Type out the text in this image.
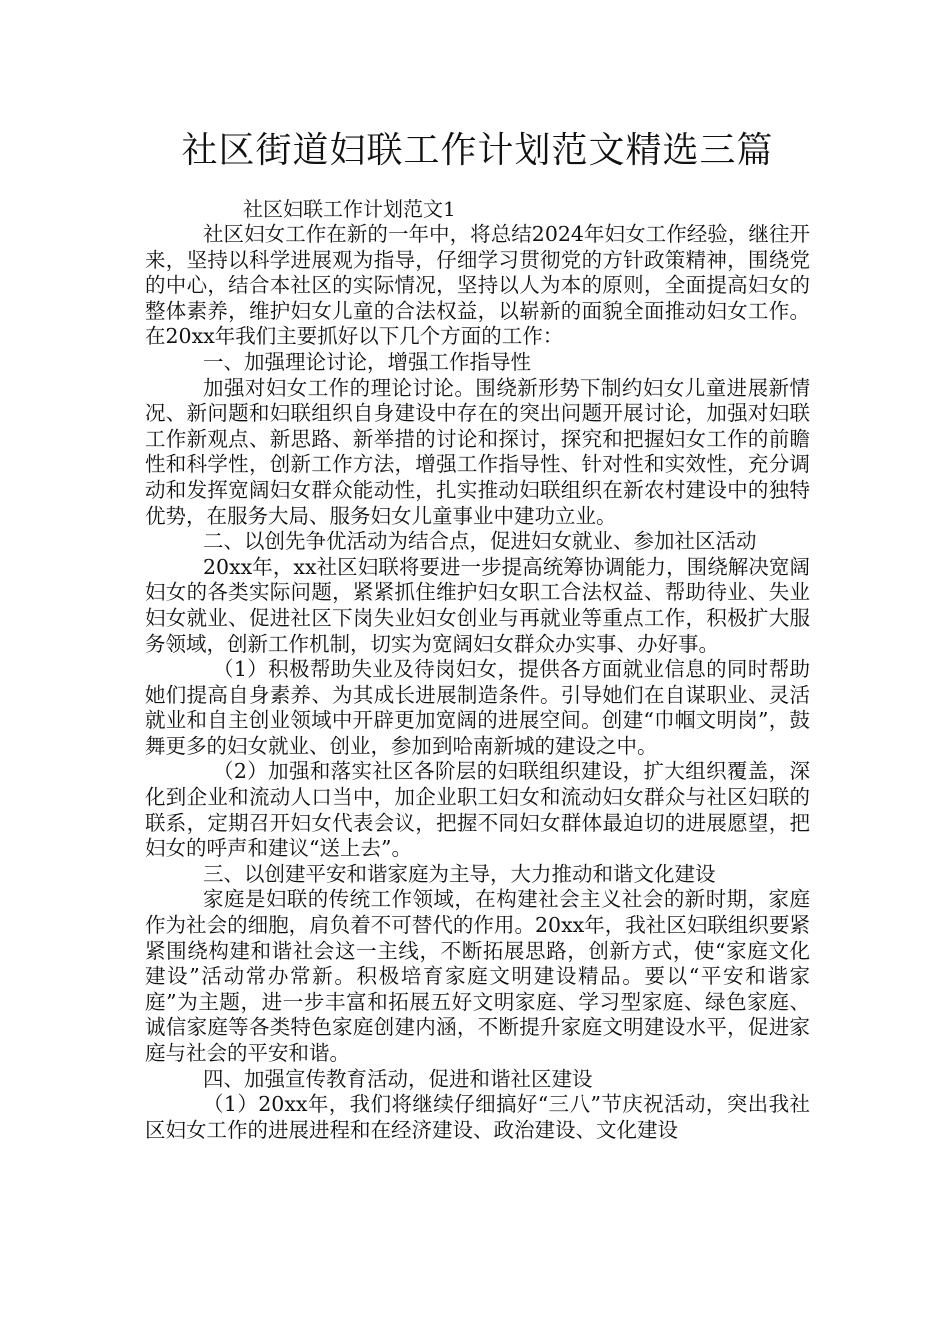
社区街道妇联工作计划范文精选三篇

社区妇联工作计划范文1

社区妇女工作在新的一年中，将总结2024年妇女工作经验，继往开来，坚持以科学进展观为指导，仔细学习贯彻党的方针政策精神，围绕党的中心，结合本社区的实际情况，坚持以人为本的原则，全面提高妇女的整体素养，维护妇女儿童的合法权益，以崭新的面貌全面推动妇女工作。在20xx年我们主要抓好以下几个方面的工作：

一、加强理论讨论，增强工作指导性

加强对妇女工作的理论讨论。围绕新形势下制约妇女儿童进展新情况、新问题和妇联组织自身建设中存在的突出问题开展讨论，加强对妇联工作新观点、新思路、新举措的讨论和探讨，探究和把握妇女工作的前瞻性和科学性，创新工作方法，增强工作指导性、针对性和实效性，充分调动和发挥宽阔妇女群众能动性，扎实推动妇联组织在新农村建设中的独特优势，在服务大局、服务妇女儿童事业中建功立业。

二、以创先争优活动为结合点，促进妇女就业、参加社区活动

20xx年，xx社区妇联将要进一步提高统筹协调能力，围绕解决宽阔妇女的各类实际问题，紧紧抓住维护妇女职工合法权益、帮助待业、失业妇女就业、促进社区下岗失业妇女创业与再就业等重点工作，积极扩大服务领域，创新工作机制，切实为宽阔妇女群众办实事、办好事。

（1）积极帮助失业及待岗妇女，提供各方面就业信息的同时帮助她们提高自身素养、为其成长进展制造条件。引导她们在自谋职业、灵活就业和自主创业领域中开辟更加宽阔的进展空间。创建“巾帼文明岗”，鼓舞更多的妇女就业、创业，参加到哈南新城的建设之中。

（2）加强和落实社区各阶层的妇联组织建设，扩大组织覆盖，深化到企业和流动人口当中，加企业职工妇女和流动妇女群众与社区妇联的联系，定期召开妇女代表会议，把握不同妇女群体最迫切的进展愿望，把妇女的呼声和建议“送上去”。

三、以创建平安和谐家庭为主导，大力推动和谐文化建设

家庭是妇联的传统工作领域，在构建社会主义社会的新时期，家庭作为社会的细胞，肩负着不可替代的作用。20xx年，我社区妇联组织要紧紧围绕构建和谐社会这一主线，不断拓展思路，创新方式，使“家庭文化建设”活动常办常新。积极培育家庭文明建设精品。要以“平安和谐家庭”为主题，进一步丰富和拓展五好文明家庭、学习型家庭、绿色家庭、诚信家庭等各类特色家庭创建内涵，不断提升家庭文明建设水平，促进家庭与社会的平安和谐。

四、加强宣传教育活动，促进和谐社区建设

（1）20xx年，我们将继续仔细搞好“三八”节庆祝活动，突出我社区妇女工作的进展进程和在经济建设、政治建设、文化建设
